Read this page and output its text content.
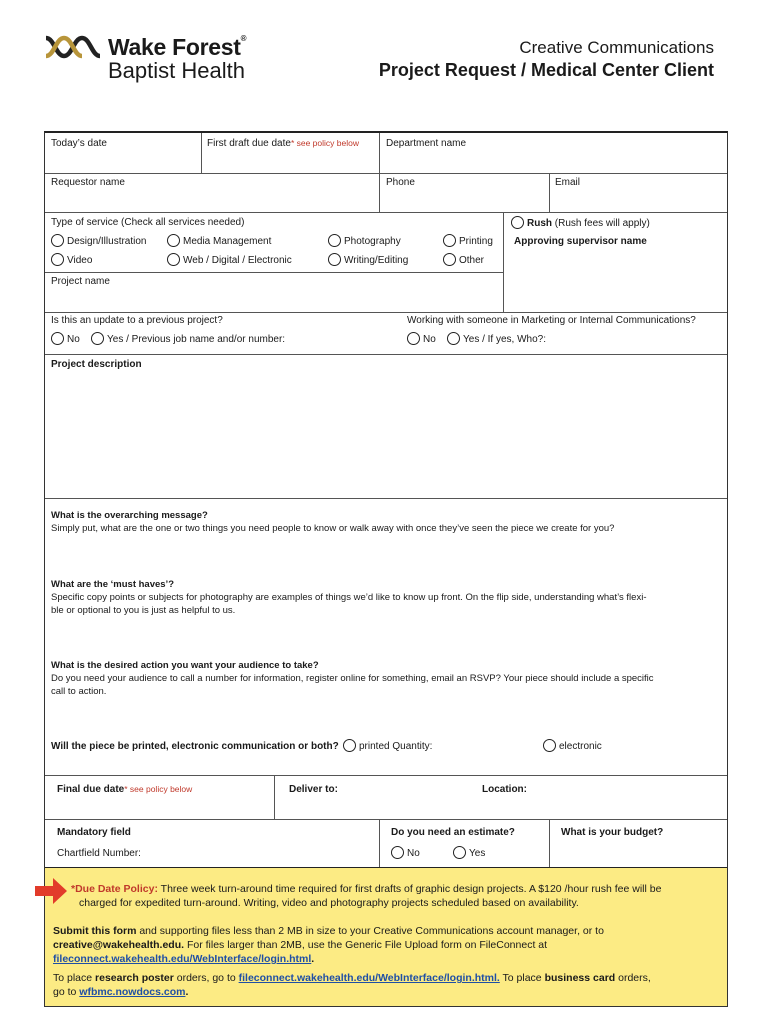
Wake Forest®
Baptist Health
Creative Communications
Project Request / Medical Center Client
Today’s date	First draft due date* see policy below	Department name
Requestor name	Phone	Email
Type of service (Check all services needed)	Rush (Rush fees will apply)
Approving supervisor name
Design/Illustration	Media Management	Photography	Printing
Video	Web / Digital / Electronic	Writing/Editing	Other
Project name
Is this an update to a previous project?	Working with someone in Marketing or Internal Communications?
No	Yes / Previous job name and/or number:	No	Yes / If yes, Who?:
Project description
What is the overarching message?
Simply put, what are the one or two things you need people to know or walk away with once they’ve seen the piece we create for you?
What are the ‘must haves’?
Specific copy points or subjects for photography are examples of things we’d like to know up front. On the flip side, understanding what’s flexi-
ble or optional to you is just as helpful to us.
What is the desired action you want your audience to take?
Do you need your audience to call a number for information, register online for something, email an RSVP? Your piece should include a specific
call to action.
Will the piece be printed, electronic communication or both?	printed Quantity:	electronic
Final due date* see policy below	Deliver to:	Location:
Mandatory field
Chartfield Number:
Do you need an estimate?
No	Yes
What is your budget?
*Due Date Policy: Three week turn-around time required for first drafts of graphic design projects. A $120 /hour rush fee will be
charged for expedited turn-around. Writing, video and photography projects scheduled based on availability.
Submit this form and supporting files less than 2 MB in size to your Creative Communications account manager, or to
creative@wakehealth.edu. For files larger than 2MB, use the Generic File Upload form on FileConnect at
fileconnect.wakehealth.edu/WebInterface/login.html.
To place research poster orders, go to fileconnect.wakehealth.edu/WebInterface/login.html. To place business card orders,
go to wfbmc.nowdocs.com.
